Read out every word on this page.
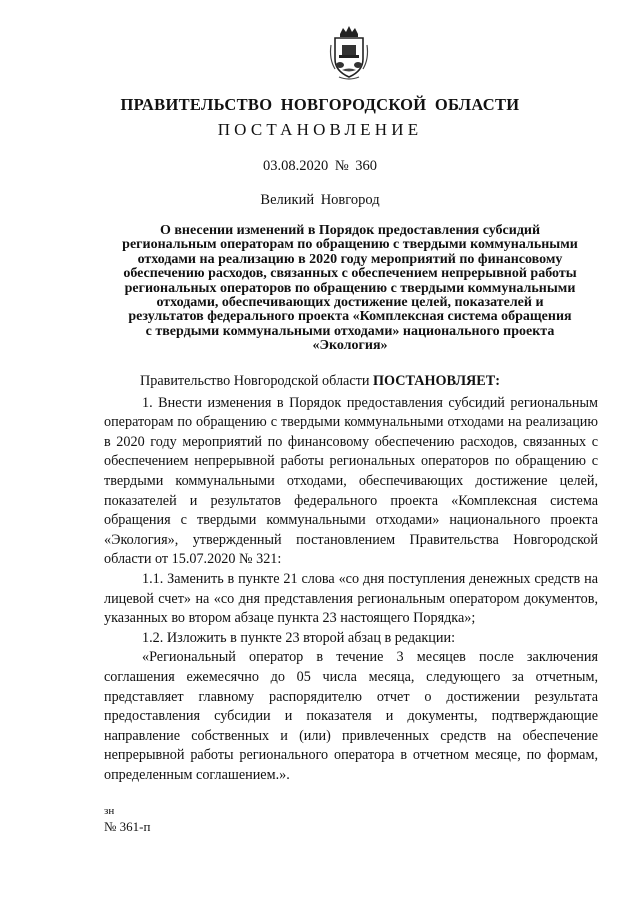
ПРАВИТЕЛЬСТВО НОВГОРОДСКОЙ ОБЛАСТИ
ПОСТАНОВЛЕНИЕ
03.08.2020 № 360
Великий Новгород
О внесении изменений в Порядок предоставления субсидий
региональным операторам по обращению с твердыми коммунальными
отходами на реализацию в 2020 году мероприятий по финансовому
обеспечению расходов, связанных с обеспечением непрерывной работы
региональных операторов по обращению с твердыми коммунальными
отходами, обеспечивающих достижение целей, показателей и
результатов федерального проекта «Комплексная система обращения
с твердыми коммунальными отходами» национального проекта
«Экология»

Правительство Новгородской области ПОСТАНОВЛЯЕТ:

1. Внести изменения в Порядок предоставления субсидий региональным операторам по обращению с твердыми коммунальными отходами на реализацию в 2020 году мероприятий по финансовому обеспечению расходов, связанных с обеспечением непрерывной работы региональных операторов по обращению с твердыми коммунальными отходами, обеспечивающих достижение целей, показателей и результатов федерального проекта «Комплексная система обращения с твердыми коммунальными отходами» национального проекта «Экология», утвержденный постановлением Правительства Новгородской области от 15.07.2020 № 321:

1.1. Заменить в пункте 21 слова «со дня поступления денежных средств на лицевой счет» на «со дня представления региональным оператором документов, указанных во втором абзаце пункта 23 настоящего Порядка»;

1.2. Изложить в пункте 23 второй абзац в редакции:

«Региональный оператор в течение 3 месяцев после заключения соглашения ежемесячно до 05 числа месяца, следующего за отчетным, представляет главному распорядителю отчет о достижении результата предоставления субсидии и показателя и документы, подтверждающие направление собственных и (или) привлеченных средств на обеспечение непрерывной работы регионального оператора в отчетном месяце, по формам, определенным соглашением.».

зн
№ 361-п
